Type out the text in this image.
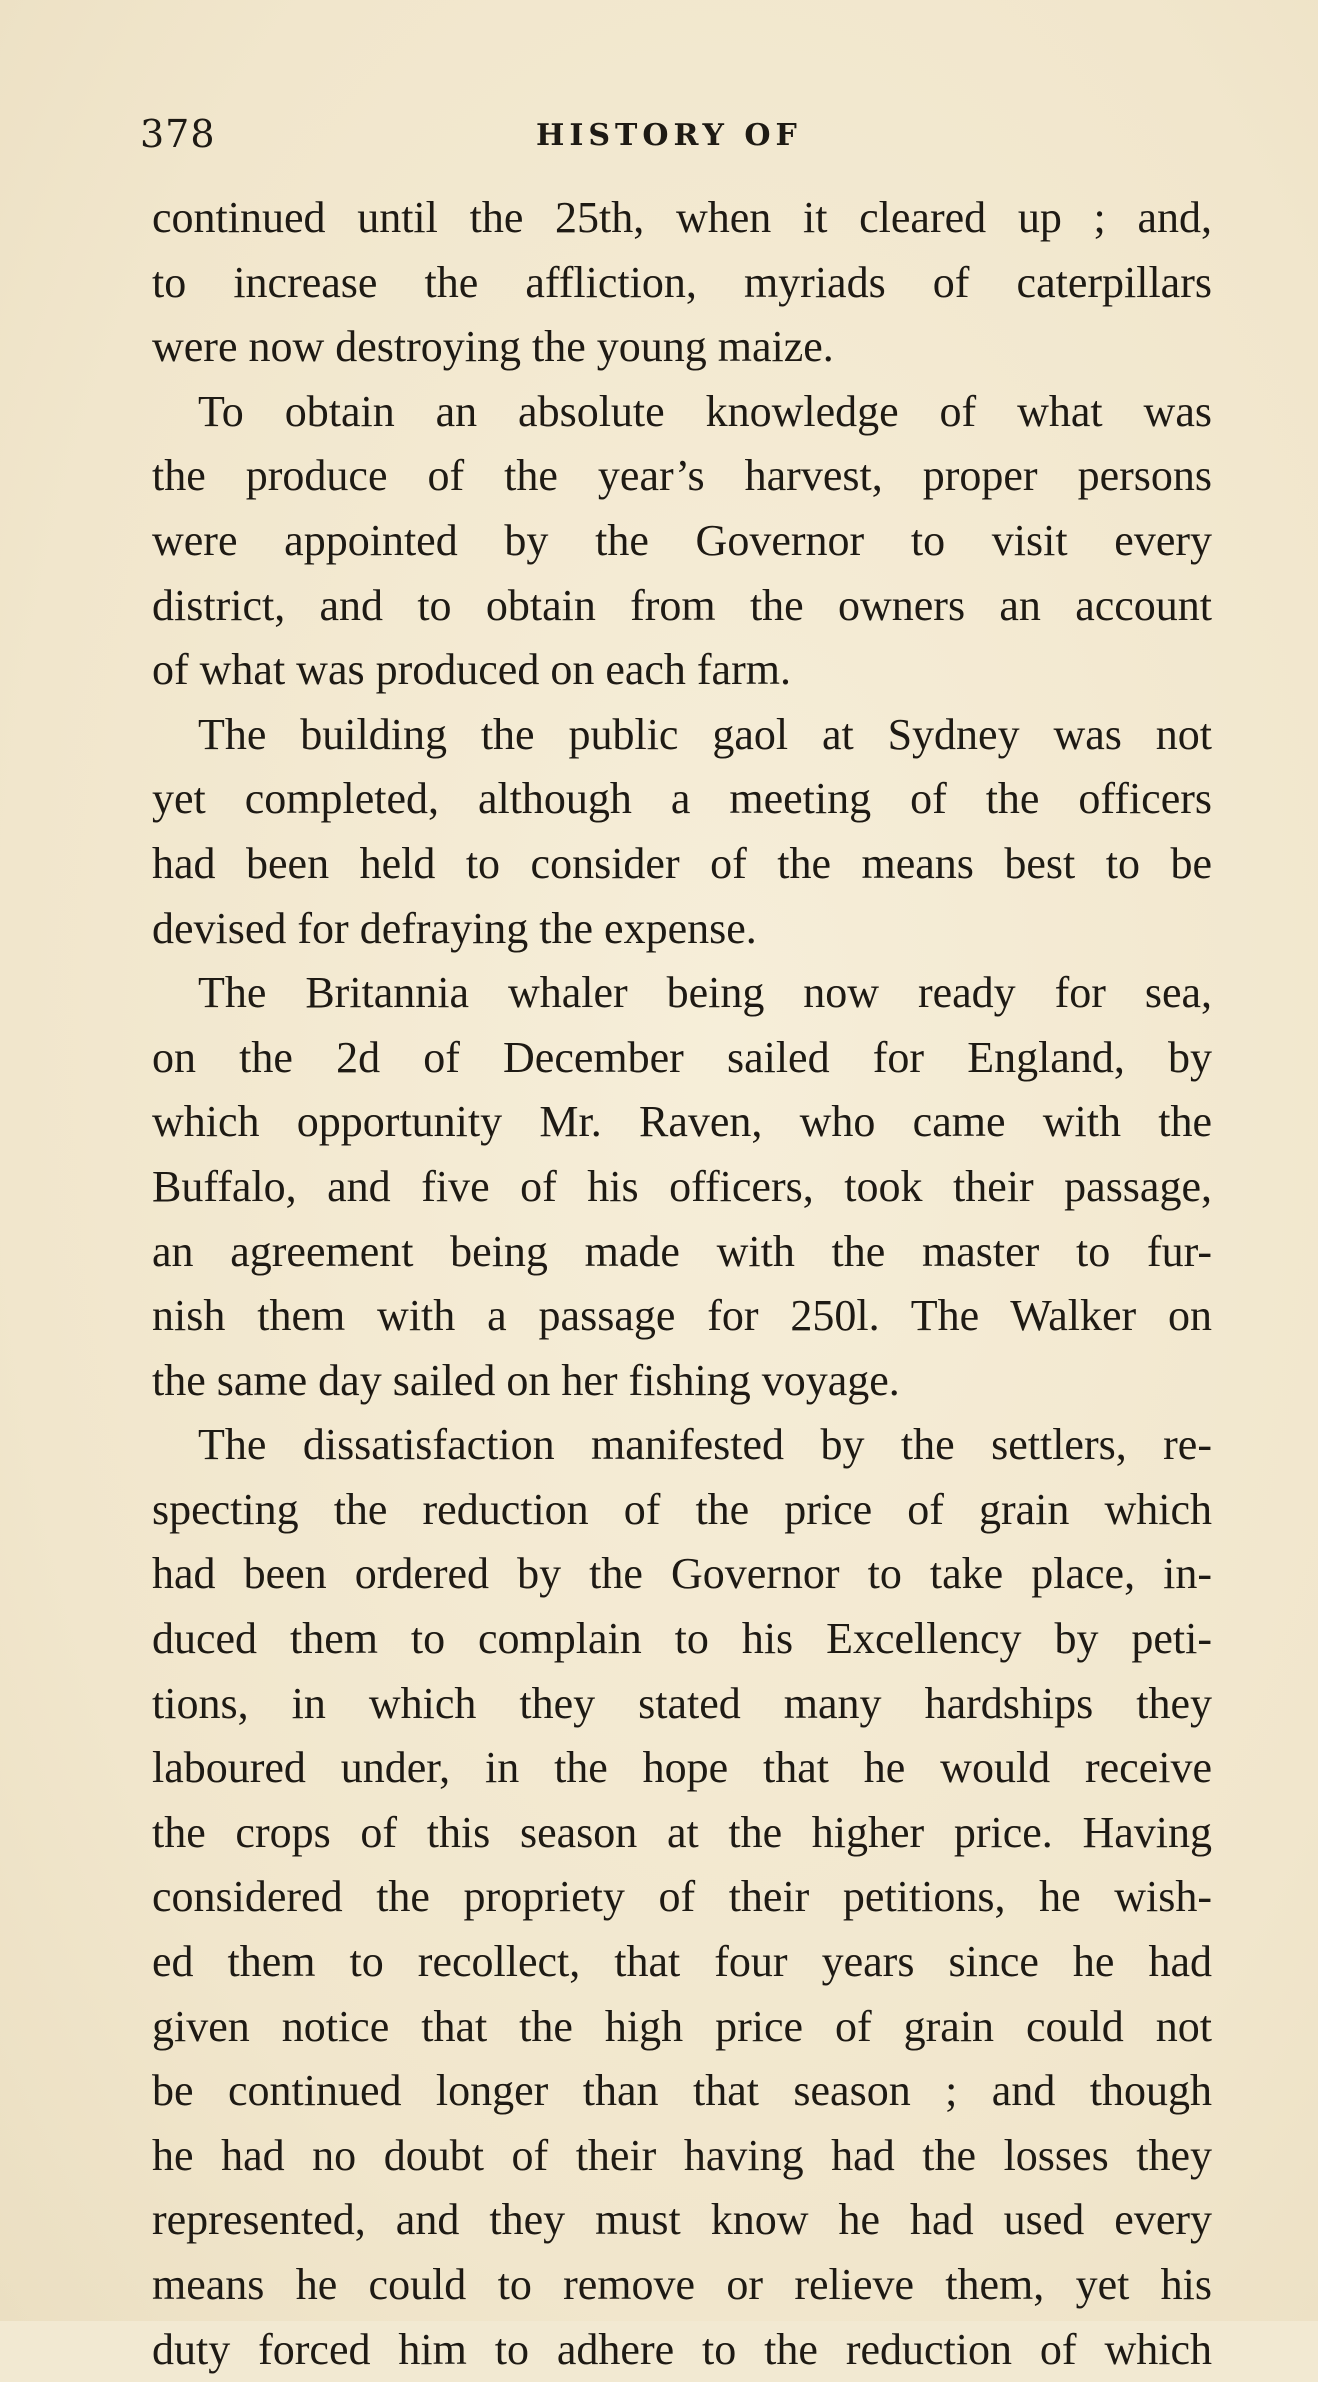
378	HISTORY OF
continued until the 25th, when it cleared up ; and,
to increase the affliction, myriads of caterpillars
were now destroying the young maize.
To obtain an absolute knowledge of what was
the produce of the year’s harvest, proper persons
were appointed by the Governor to visit every
district, and to obtain from the owners an account
of what was produced on each farm.
The building the public gaol at Sydney was not
yet completed, although a meeting of the officers
had been held to consider of the means best to be
devised for defraying the expense.
The Britannia whaler being now ready for sea,
on the 2d of December sailed for England, by
which opportunity Mr. Raven, who came with the
Buffalo, and five of his officers, took their passage,
an agreement being made with the master to fur-
nish them with a passage for 250l. The Walker on
the same day sailed on her fishing voyage.
The dissatisfaction manifested by the settlers, re-
specting the reduction of the price of grain which
had been ordered by the Governor to take place, in-
duced them to complain to his Excellency by peti-
tions, in which they stated many hardships they
laboured under, in the hope that he would receive
the crops of this season at the higher price. Having
considered the propriety of their petitions, he wish-
ed them to recollect, that four years since he had
given notice that the high price of grain could not
be continued longer than that season ; and though
he had no doubt of their having had the losses they
represented, and they must know he had used every
means he could to remove or relieve them, yet his
duty forced him to adhere to the reduction of which
